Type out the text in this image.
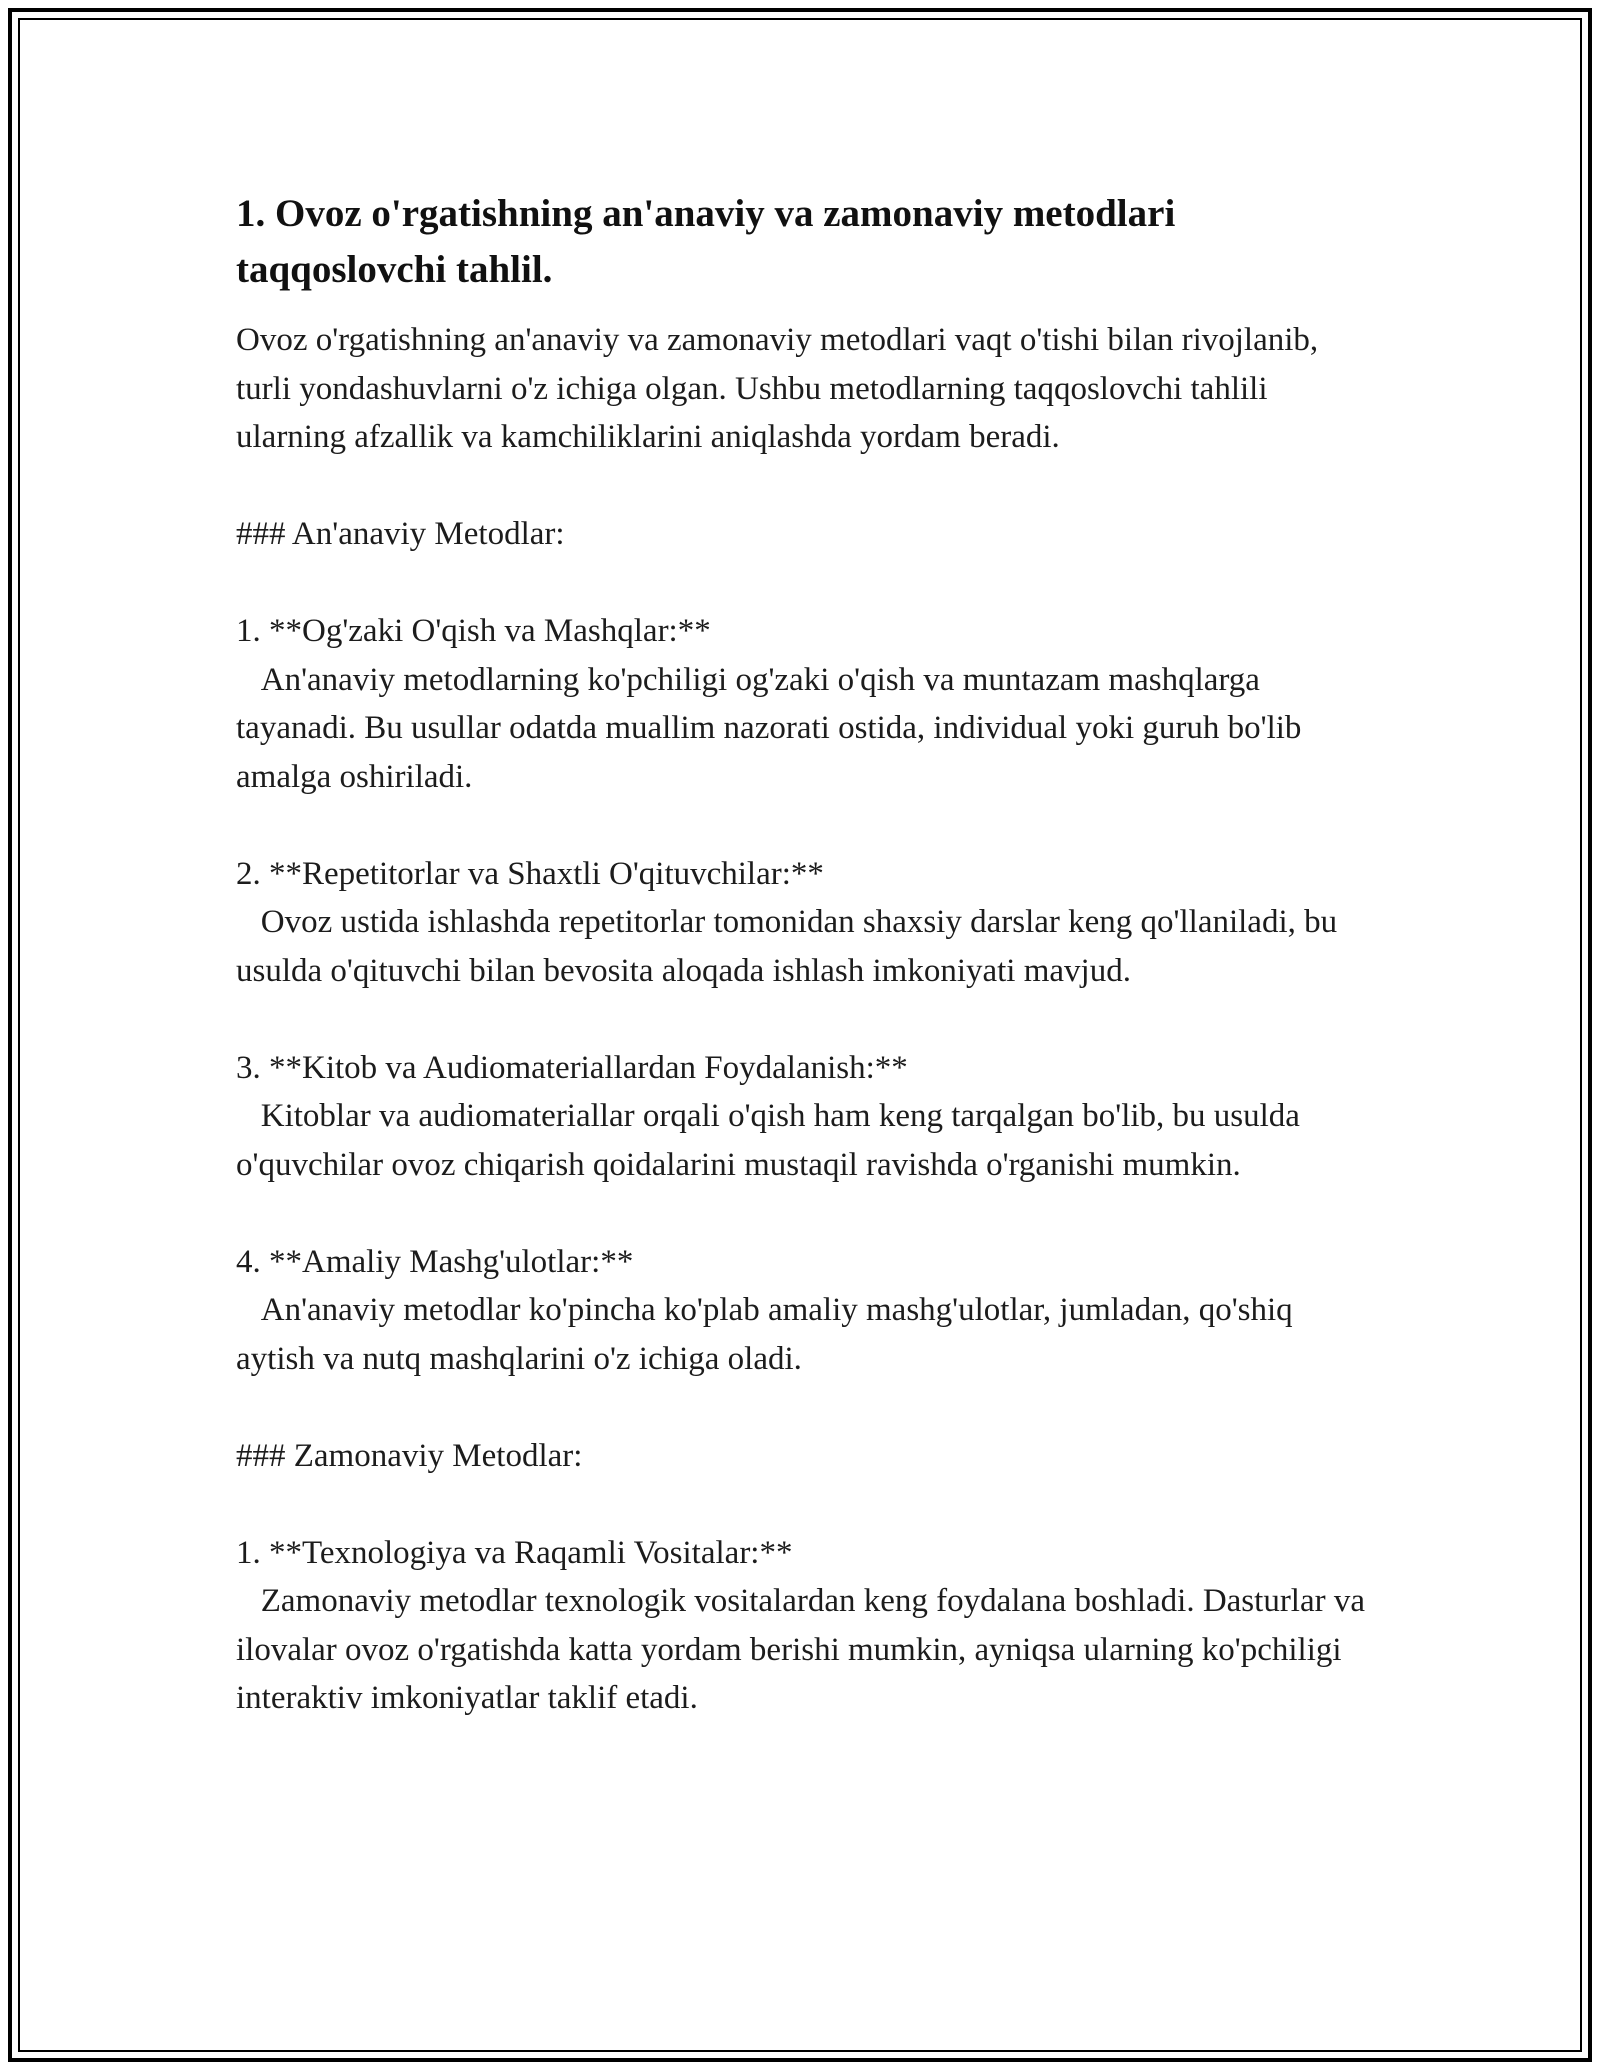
1. Ovoz o'rgatishning an'anaviy va zamonaviy metodlari taqqoslovchi tahlil.

Ovoz o'rgatishning an'anaviy va zamonaviy metodlari vaqt o'tishi bilan rivojlanib, turli yondashuvlarni o'z ichiga olgan. Ushbu metodlarning taqqoslovchi tahlili ularning afzallik va kamchiliklarini aniqlashda yordam beradi.

### An'anaviy Metodlar:

1. **Og'zaki O'qish va Mashqlar:**

An'anaviy metodlarning ko'pchiligi og'zaki o'qish va muntazam mashqlarga tayanadi. Bu usullar odatda muallim nazorati ostida, individual yoki guruh bo'lib amalga oshiriladi.

2. **Repetitorlar va Shaxtli O'qituvchilar:**

Ovoz ustida ishlashda repetitorlar tomonidan shaxsiy darslar keng qo'llaniladi, bu usulda o'qituvchi bilan bevosita aloqada ishlash imkoniyati mavjud.

3. **Kitob va Audiomateriallardan Foydalanish:**

Kitoblar va audiomateriallar orqali o'qish ham keng tarqalgan bo'lib, bu usulda o'quvchilar ovoz chiqarish qoidalarini mustaqil ravishda o'rganishi mumkin.

4. **Amaliy Mashg'ulotlar:**

An'anaviy metodlar ko'pincha ko'plab amaliy mashg'ulotlar, jumladan, qo'shiq aytish va nutq mashqlarini o'z ichiga oladi.

### Zamonaviy Metodlar:

1. **Texnologiya va Raqamli Vositalar:**

Zamonaviy metodlar texnologik vositalardan keng foydalana boshladi. Dasturlar va ilovalar ovoz o'rgatishda katta yordam berishi mumkin, ayniqsa ularning ko'pchiligi interaktiv imkoniyatlar taklif etadi.
